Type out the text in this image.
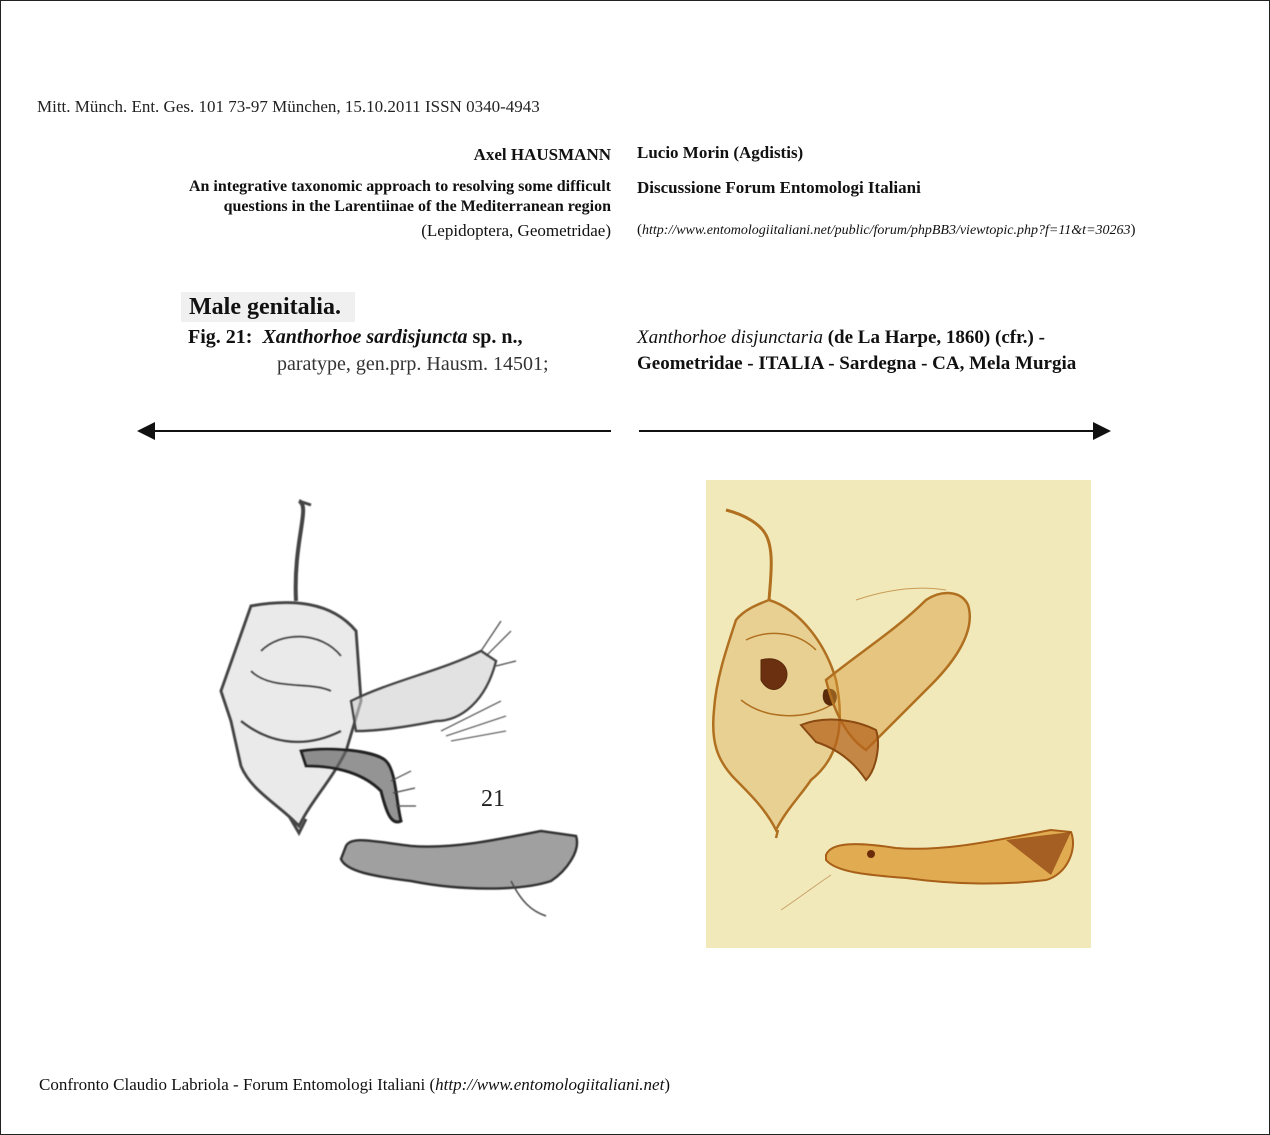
Mitt. Münch. Ent. Ges. 101 73-97 München, 15.10.2011 ISSN 0340-4943
Axel HAUSMANN
An integrative taxonomic approach to resolving some difficult
questions in the Larentiinae of the Mediterranean region
(Lepidoptera, Geometridae)
Lucio Morin (Agdistis)
Discussione Forum Entomologi Italiani
(http://www.entomologiitaliani.net/public/forum/phpBB3/viewtopic.php?f=11&t=30263)
Male genitalia.
Fig. 21: Xanthorhoe sardisjuncta sp. n.,
paratype, gen.prp. Hausm. 14501;
Xanthorhoe disjunctaria (de La Harpe, 1860) (cfr.) -
Geometridae - ITALIA - Sardegna - CA, Mela Murgia
21
Confronto Claudio Labriola - Forum Entomologi Italiani (http://www.entomologiitaliani.net)
